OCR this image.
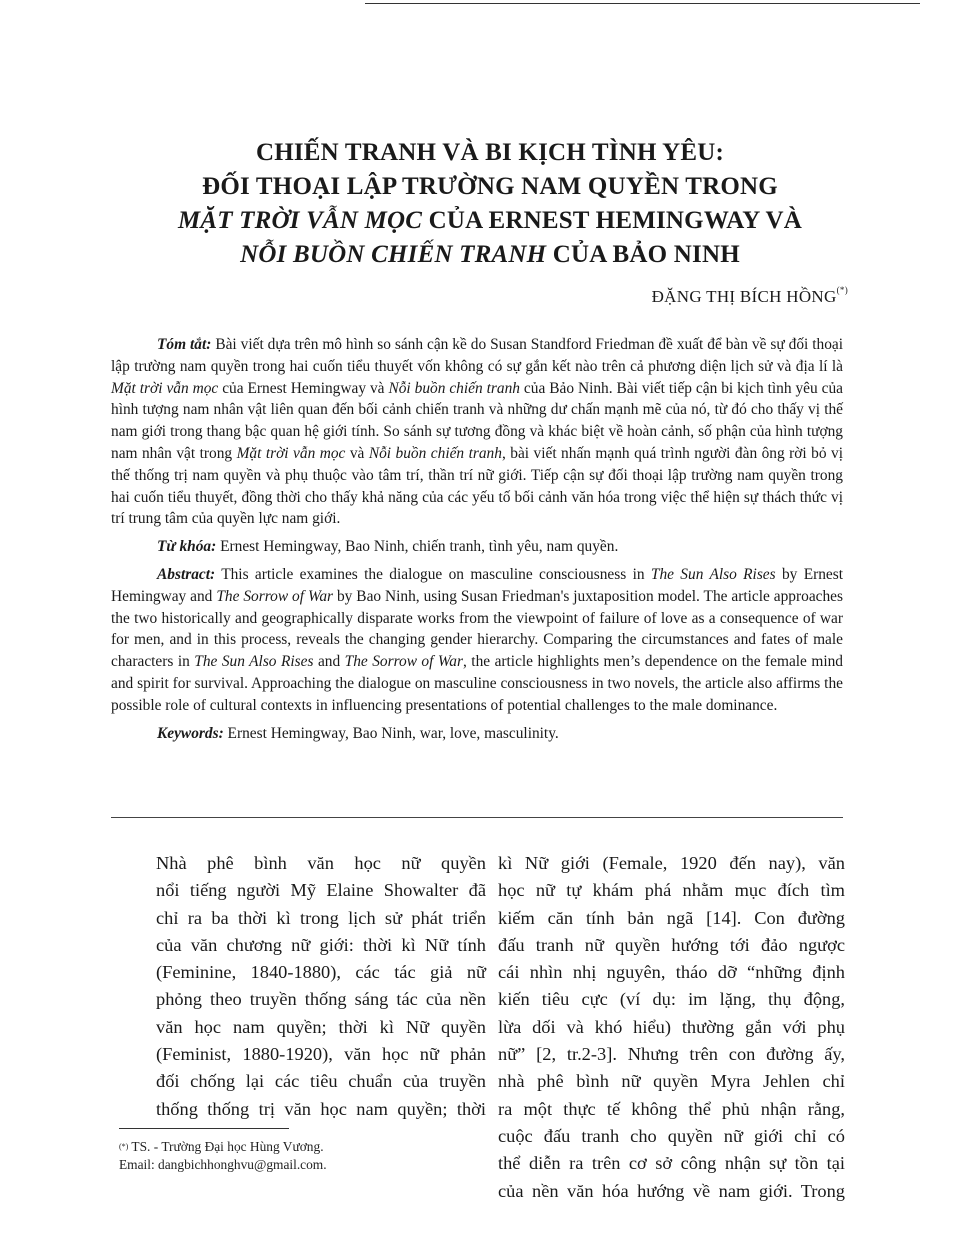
CHIẾN TRANH VÀ BI KỊCH TÌNH YÊU:
ĐỐI THOẠI LẬP TRƯỜNG NAM QUYỀN TRONG
MẶT TRỜI VẪN MỌC CỦA ERNEST HEMINGWAY VÀ
NỖI BUỒN CHIẾN TRANH CỦA BẢO NINH
ĐẶNG THỊ BÍCH HỒNG(*)

Tóm tắt: Bài viết dựa trên mô hình so sánh cận kề do Susan Standford Friedman đề xuất để bàn về sự đối thoại lập trường nam quyền trong hai cuốn tiểu thuyết vốn không có sự gắn kết nào trên cả phương diện lịch sử và địa lí là Mặt trời vẫn mọc của Ernest Hemingway và Nỗi buồn chiến tranh của Bảo Ninh. Bài viết tiếp cận bi kịch tình yêu của hình tượng nam nhân vật liên quan đến bối cảnh chiến tranh và những dư chấn mạnh mẽ của nó, từ đó cho thấy vị thế nam giới trong thang bậc quan hệ giới tính. So sánh sự tương đồng và khác biệt về hoàn cảnh, số phận của hình tượng nam nhân vật trong Mặt trời vẫn mọc và Nỗi buồn chiến tranh, bài viết nhấn mạnh quá trình người đàn ông rời bỏ vị thế thống trị nam quyền và phụ thuộc vào tâm trí, thần trí nữ giới. Tiếp cận sự đối thoại lập trường nam quyền trong hai cuốn tiểu thuyết, đồng thời cho thấy khả năng của các yếu tố bối cảnh văn hóa trong việc thể hiện sự thách thức vị trí trung tâm của quyền lực nam giới.

Từ khóa: Ernest Hemingway, Bao Ninh, chiến tranh, tình yêu, nam quyền.

Abstract: This article examines the dialogue on masculine consciousness in The Sun Also Rises by Ernest Hemingway and The Sorrow of War by Bao Ninh, using Susan Friedman's juxtaposition model. The article approaches the two historically and geographically disparate works from the viewpoint of failure of love as a consequence of war for men, and in this process, reveals the changing gender hierarchy. Comparing the circumstances and fates of male characters in The Sun Also Rises and The Sorrow of War, the article highlights men’s dependence on the female mind and spirit for survival. Approaching the dialogue on masculine consciousness in two novels, the article also affirms the possible role of cultural contexts in influencing presentations of potential challenges to the male dominance.

Keywords: Ernest Hemingway, Bao Ninh, war, love, masculinity.

Nhà phê bình văn học nữ quyền
nổi tiếng người Mỹ Elaine Showalter đã
chỉ ra ba thời kì trong lịch sử phát triển
của văn chương nữ giới: thời kì Nữ tính
(Feminine, 1840-1880), các tác giả nữ
phỏng theo truyền thống sáng tác của nền
văn học nam quyền; thời kì Nữ quyền
(Feminist, 1880-1920), văn học nữ phản
đối chống lại các tiêu chuẩn của truyền
thống thống trị văn học nam quyền; thời
kì Nữ giới (Female, 1920 đến nay), văn
học nữ tự khám phá nhằm mục đích tìm
kiếm căn tính bản ngã [14]. Con đường
đấu tranh nữ quyền hướng tới đảo ngược
cái nhìn nhị nguyên, tháo dỡ “những định
kiến tiêu cực (ví dụ: im lặng, thụ động,
lừa dối và khó hiểu) thường gắn với phụ
nữ” [2, tr.2-3]. Nhưng trên con đường ấy,
nhà phê bình nữ quyền Myra Jehlen chỉ
ra một thực tế không thể phủ nhận rằng,
cuộc đấu tranh cho quyền nữ giới chỉ có
thể diễn ra trên cơ sở công nhận sự tồn tại
của nền văn hóa hướng về nam giới. Trong
(*) TS. - Trường Đại học Hùng Vương.
Email: dangbichhonghvu@gmail.com.
